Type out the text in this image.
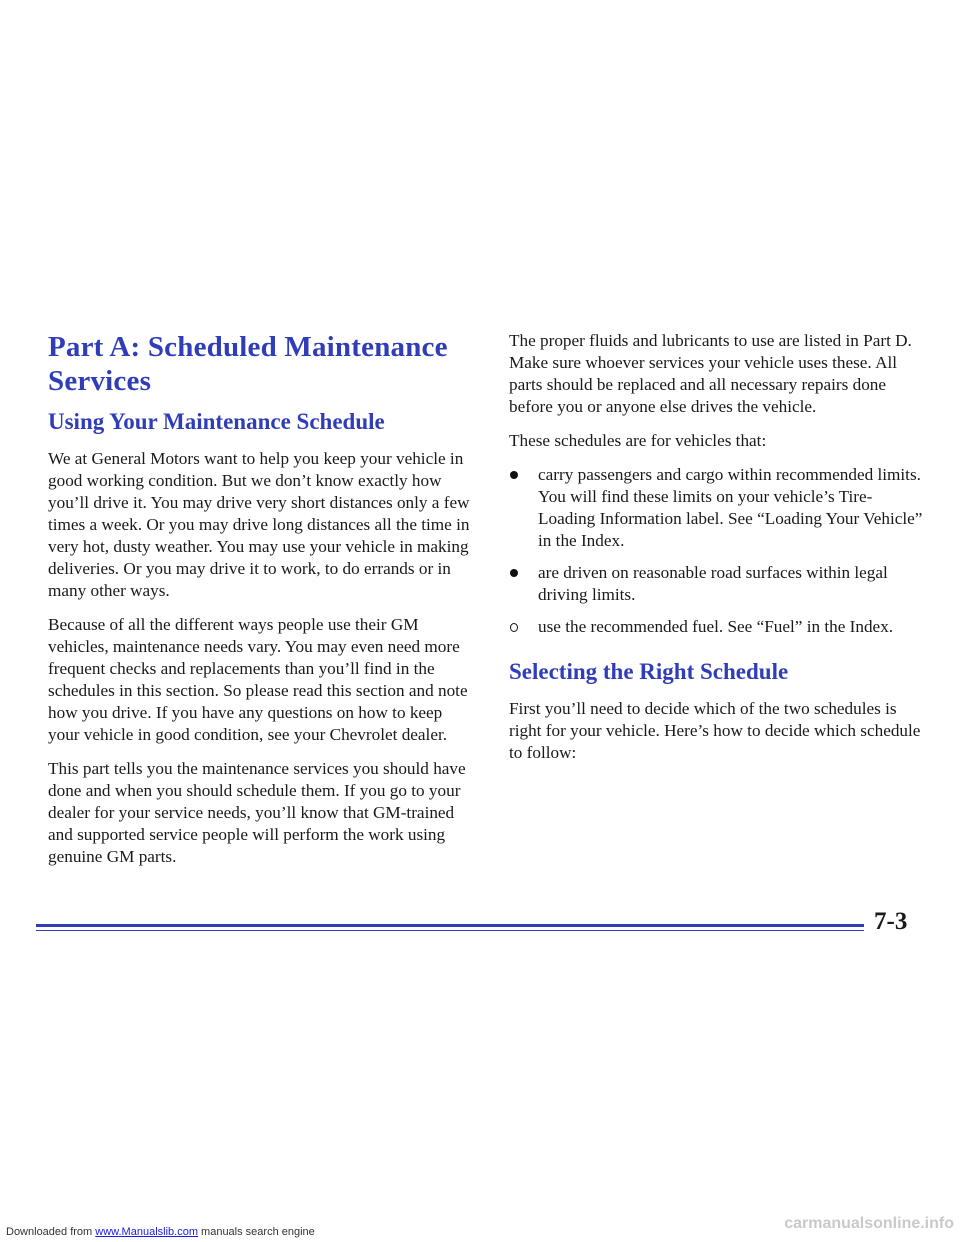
Part A: Scheduled Maintenance Services
Using Your Maintenance Schedule

We at General Motors want to help you keep your vehicle in good working condition. But we don’t know exactly how you’ll drive it. You may drive very short distances only a few times a week. Or you may drive long distances all the time in very hot, dusty weather. You may use your vehicle in making deliveries. Or you may drive it to work, to do errands or in many other ways.

Because of all the different ways people use their GM vehicles, maintenance needs vary. You may even need more frequent checks and replacements than you’ll find in the schedules in this section. So please read this section and note how you drive. If you have any questions on how to keep your vehicle in good condition, see your Chevrolet dealer.

This part tells you the maintenance services you should have done and when you should schedule them. If you go to your dealer for your service needs, you’ll know that GM-trained and supported service people will perform the work using genuine GM parts.

The proper fluids and lubricants to use are listed in Part D. Make sure whoever services your vehicle uses these. All parts should be replaced and all necessary repairs done before you or anyone else drives the vehicle.

These schedules are for vehicles that:

carry passengers and cargo within recommended limits. You will find these limits on your vehicle’s Tire-Loading Information label. See “Loading Your Vehicle” in the Index.
are driven on reasonable road surfaces within legal driving limits.
use the recommended fuel. See “Fuel” in the Index.
Selecting the Right Schedule

First you’ll need to decide which of the two schedules is right for your vehicle. Here’s how to decide which schedule to follow:

7-3
Downloaded from www.Manualslib.com manuals search engine	carmanualsonline.info
